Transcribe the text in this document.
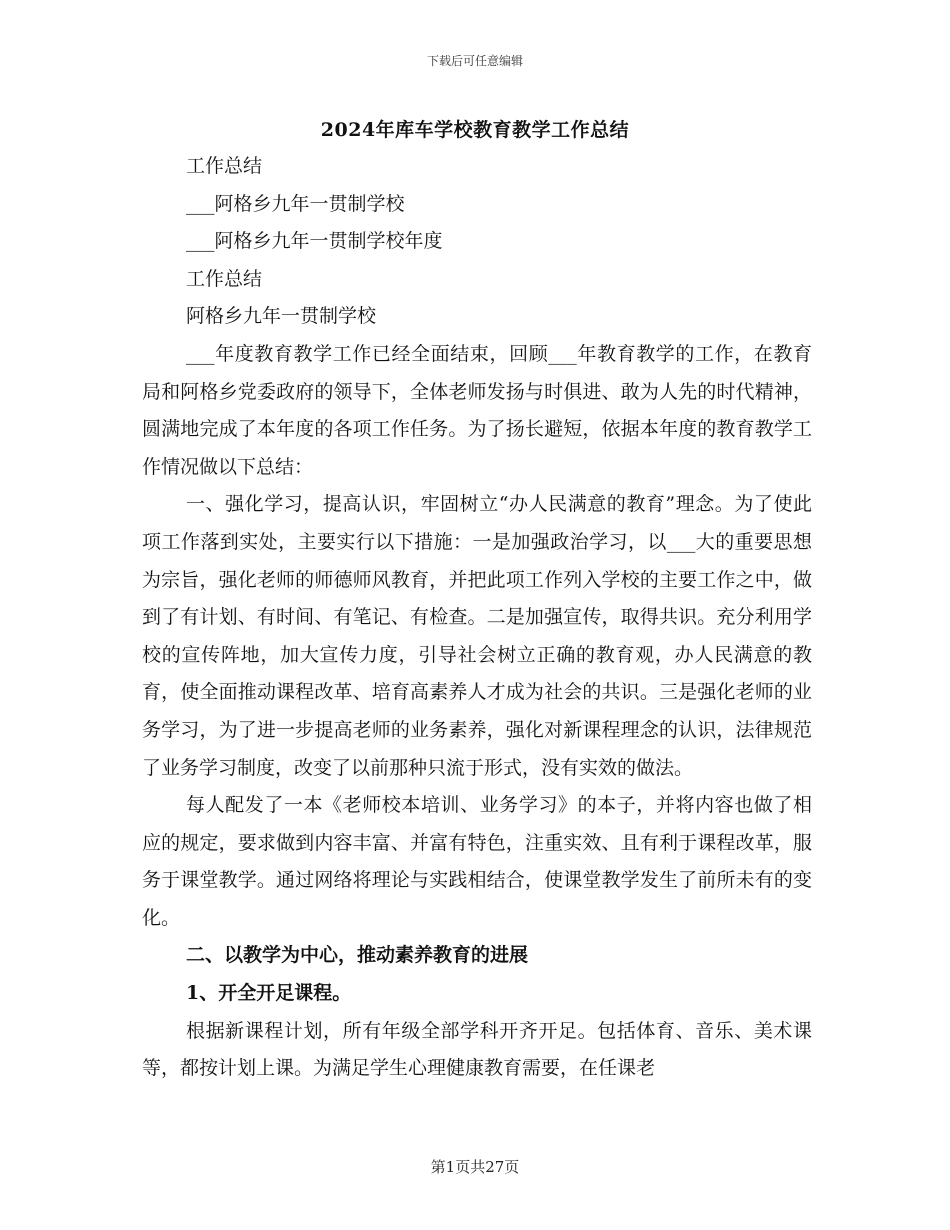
下载后可任意编辑
2024年库车学校教育教学工作总结

工作总结

___阿格乡九年一贯制学校

___阿格乡九年一贯制学校年度

工作总结

阿格乡九年一贯制学校

___年度教育教学工作已经全面结束，回顾___年教育教学的工作，在教育局和阿格乡党委政府的领导下，全体老师发扬与时俱进、敢为人先的时代精神，圆满地完成了本年度的各项工作任务。为了扬长避短，依据本年度的教育教学工作情况做以下总结：

一、强化学习，提高认识，牢固树立“办人民满意的教育”理念。为了使此项工作落到实处，主要实行以下措施：一是加强政治学习，以___大的重要思想为宗旨，强化老师的师德师风教育，并把此项工作列入学校的主要工作之中，做到了有计划、有时间、有笔记、有检查。二是加强宣传，取得共识。充分利用学校的宣传阵地，加大宣传力度，引导社会树立正确的教育观，办人民满意的教育，使全面推动课程改革、培育高素养人才成为社会的共识。三是强化老师的业务学习，为了进一步提高老师的业务素养，强化对新课程理念的认识，法律规范了业务学习制度，改变了以前那种只流于形式，没有实效的做法。

每人配发了一本《老师校本培训、业务学习》的本子，并将内容也做了相应的规定，要求做到内容丰富、并富有特色，注重实效、且有利于课程改革，服务于课堂教学。通过网络将理论与实践相结合，使课堂教学发生了前所未有的变化。

二、以教学为中心，推动素养教育的进展

1、开全开足课程。

根据新课程计划，所有年级全部学科开齐开足。包括体育、音乐、美术课等，都按计划上课。为满足学生心理健康教育需要，在任课老

第1页共27页
